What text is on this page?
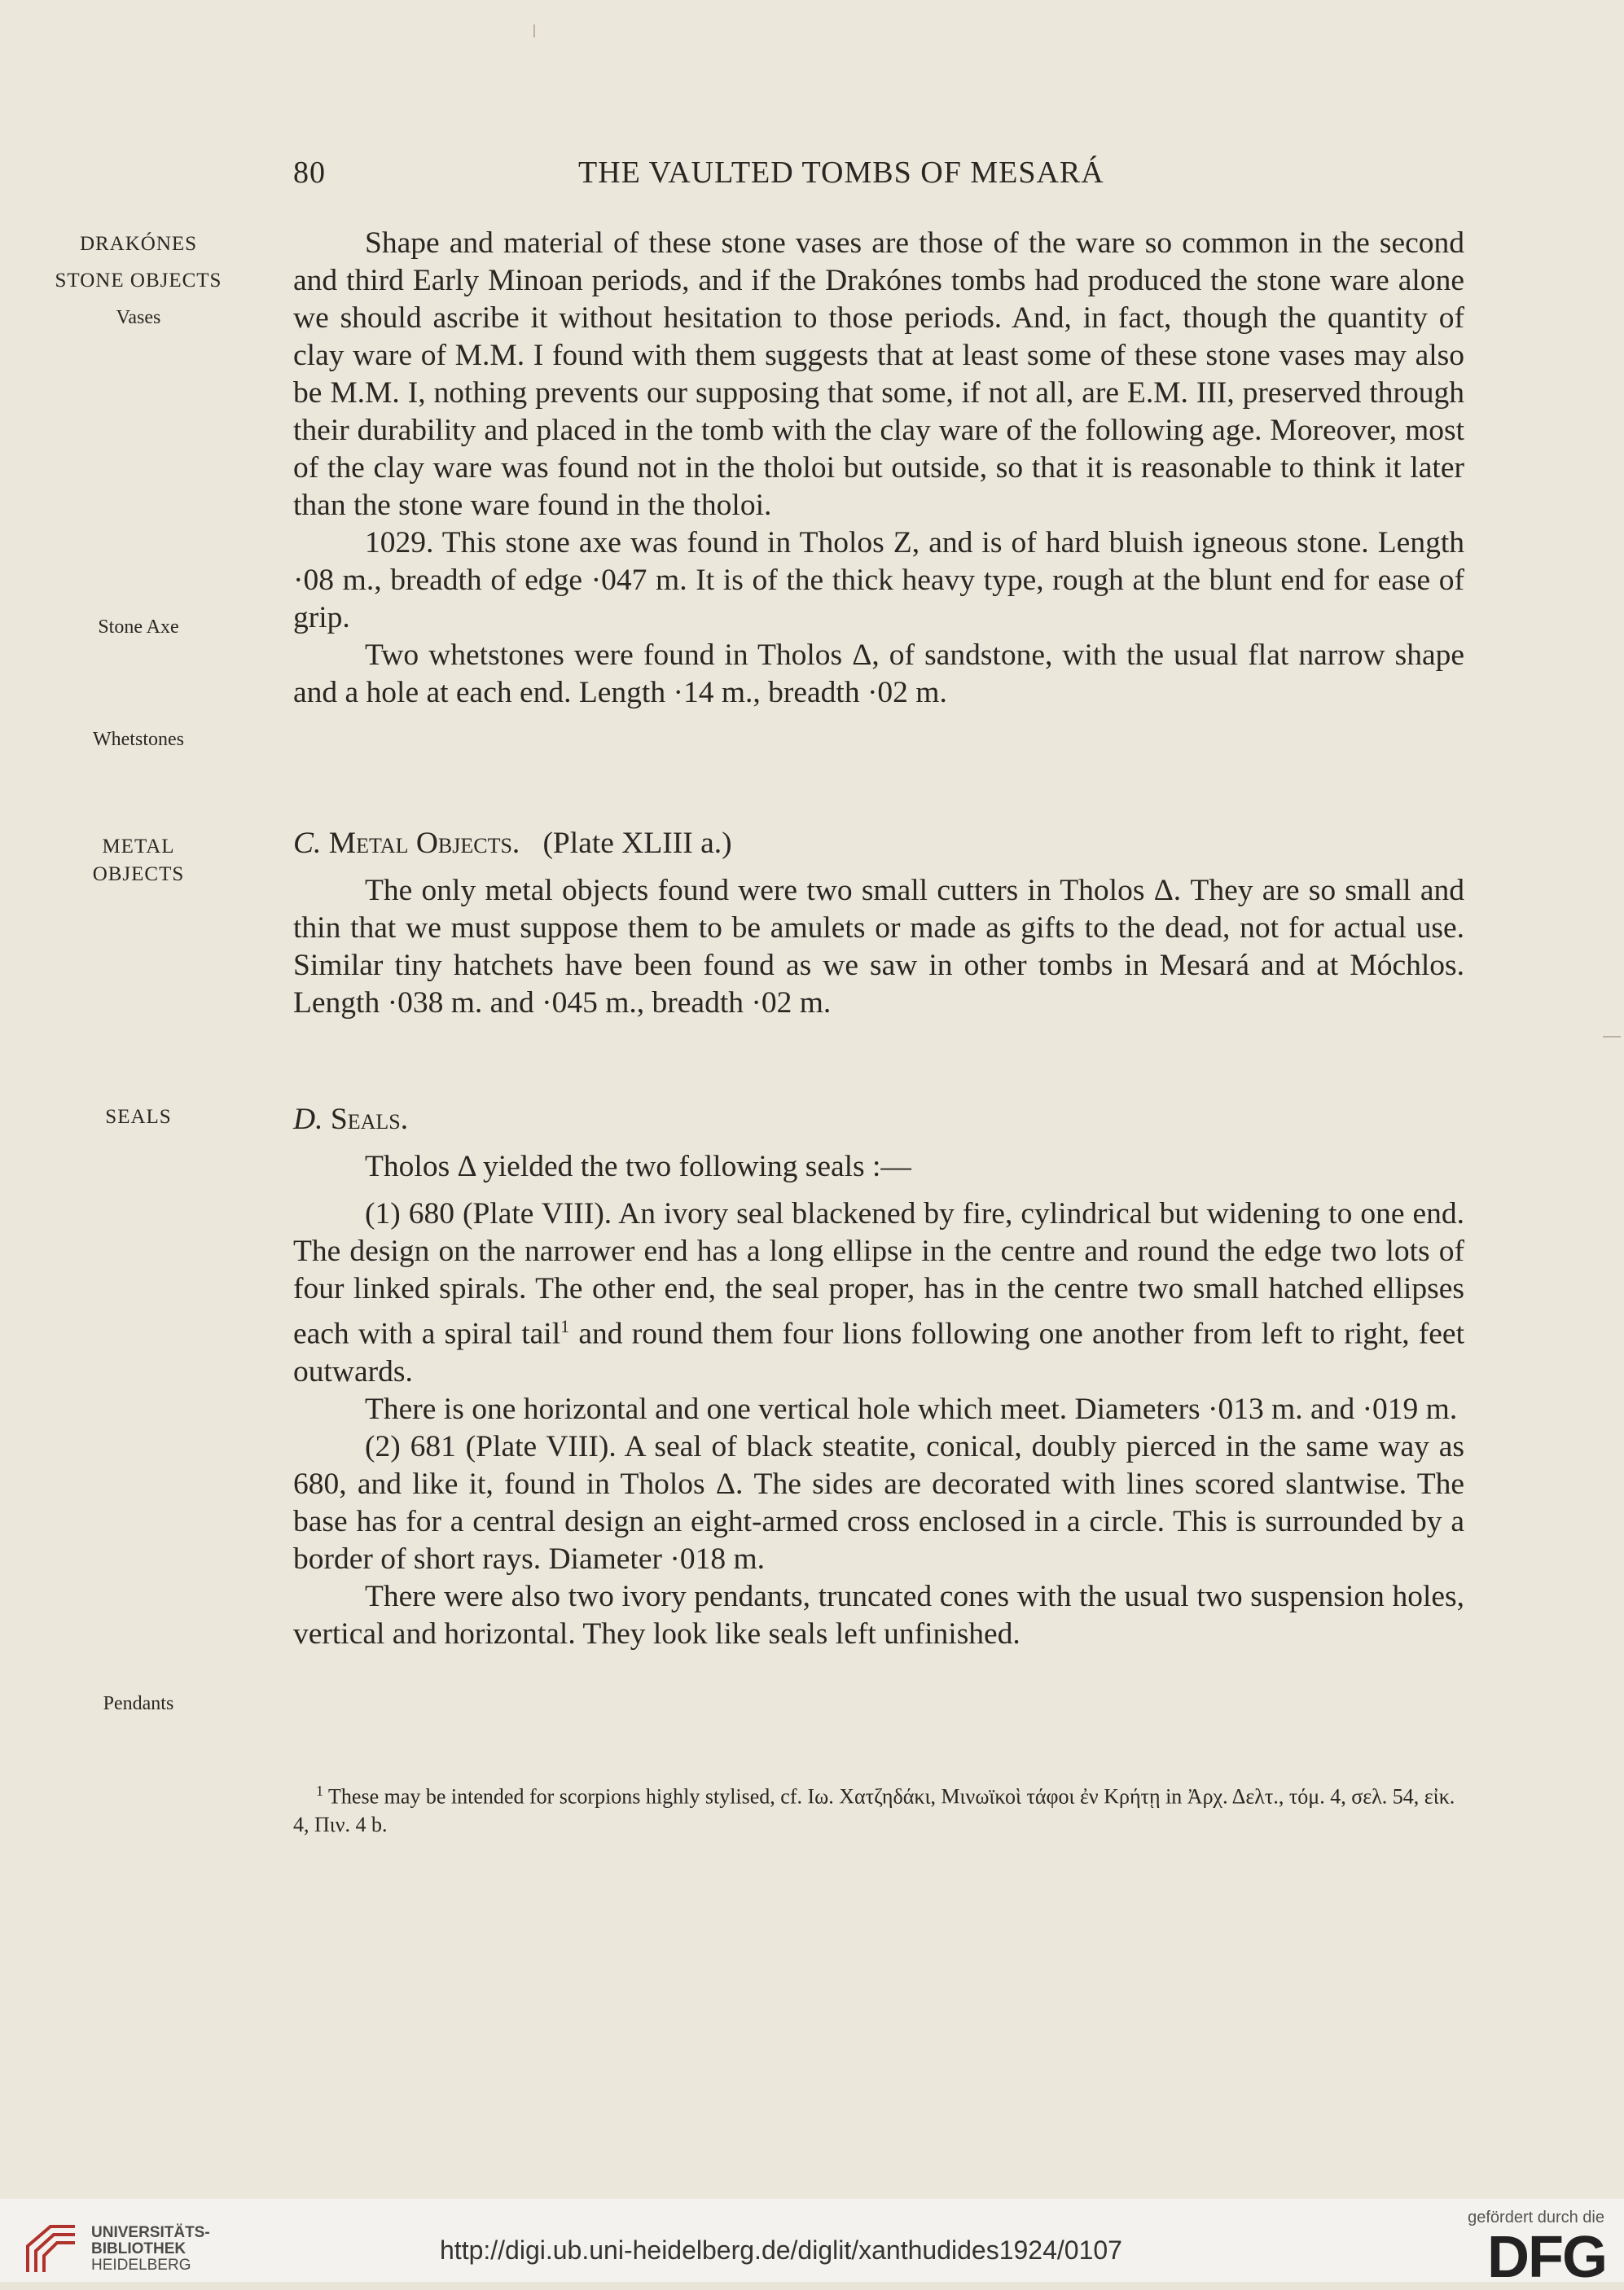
80	THE VAULTED TOMBS OF MESARÁ
DRAKÓNES
STONE OBJECTS
Vases
Stone Axe
Whetstones
METAL
OBJECTS
SEALS
Pendants

Shape and material of these stone vases are those of the ware so common in the second and third Early Minoan periods, and if the Drakónes tombs had produced the stone ware alone we should ascribe it without hesitation to those periods. And, in fact, though the quantity of clay ware of M.M. I found with them suggests that at least some of these stone vases may also be M.M. I, nothing prevents our supposing that some, if not all, are E.M. III, preserved through their durability and placed in the tomb with the clay ware of the following age. Moreover, most of the clay ware was found not in the tholoi but outside, so that it is reasonable to think it later than the stone ware found in the tholoi.

1029. This stone axe was found in Tholos Z, and is of hard bluish igneous stone. Length ·08 m., breadth of edge ·047 m. It is of the thick heavy type, rough at the blunt end for ease of grip.

Two whetstones were found in Tholos Δ, of sandstone, with the usual flat narrow shape and a hole at each end. Length ·14 m., breadth ·02 m.

C. Metal Objects. (Plate XLIII a.)

The only metal objects found were two small cutters in Tholos Δ. They are so small and thin that we must suppose them to be amulets or made as gifts to the dead, not for actual use. Similar tiny hatchets have been found as we saw in other tombs in Mesará and at Móchlos. Length ·038 m. and ·045 m., breadth ·02 m.

D. Seals.

Tholos Δ yielded the two following seals :—

(1) 680 (Plate VIII). An ivory seal blackened by fire, cylindrical but widening to one end. The design on the narrower end has a long ellipse in the centre and round the edge two lots of four linked spirals. The other end, the seal proper, has in the centre two small hatched ellipses each with a spiral tail$^1$ and round them four lions following one another from left to right, feet outwards.

There is one horizontal and one vertical hole which meet. Diameters ·013 m. and ·019 m.

(2) 681 (Plate VIII). A seal of black steatite, conical, doubly pierced in the same way as 680, and like it, found in Tholos Δ. The sides are decorated with lines scored slantwise. The base has for a central design an eight-armed cross enclosed in a circle. This is surrounded by a border of short rays. Diameter ·018 m.

There were also two ivory pendants, truncated cones with the usual two suspension holes, vertical and horizontal. They look like seals left unfinished.

$^1$ These may be intended for scorpions highly stylised, cf. Ιω. Χατζηδάκι, Μινωϊκοὶ τάφοι ἐν Κρήτῃ in Ἀρχ. Δελτ., τόμ. 4, σελ. 54, εἰκ. 4, Πιν. 4 b.

UNIVERSITÄTS-
BIBLIOTHEK
HEIDELBERG
http://digi.ub.uni-heidelberg.de/diglit/xanthudides1924/0107
gefördert durch die
DFG
